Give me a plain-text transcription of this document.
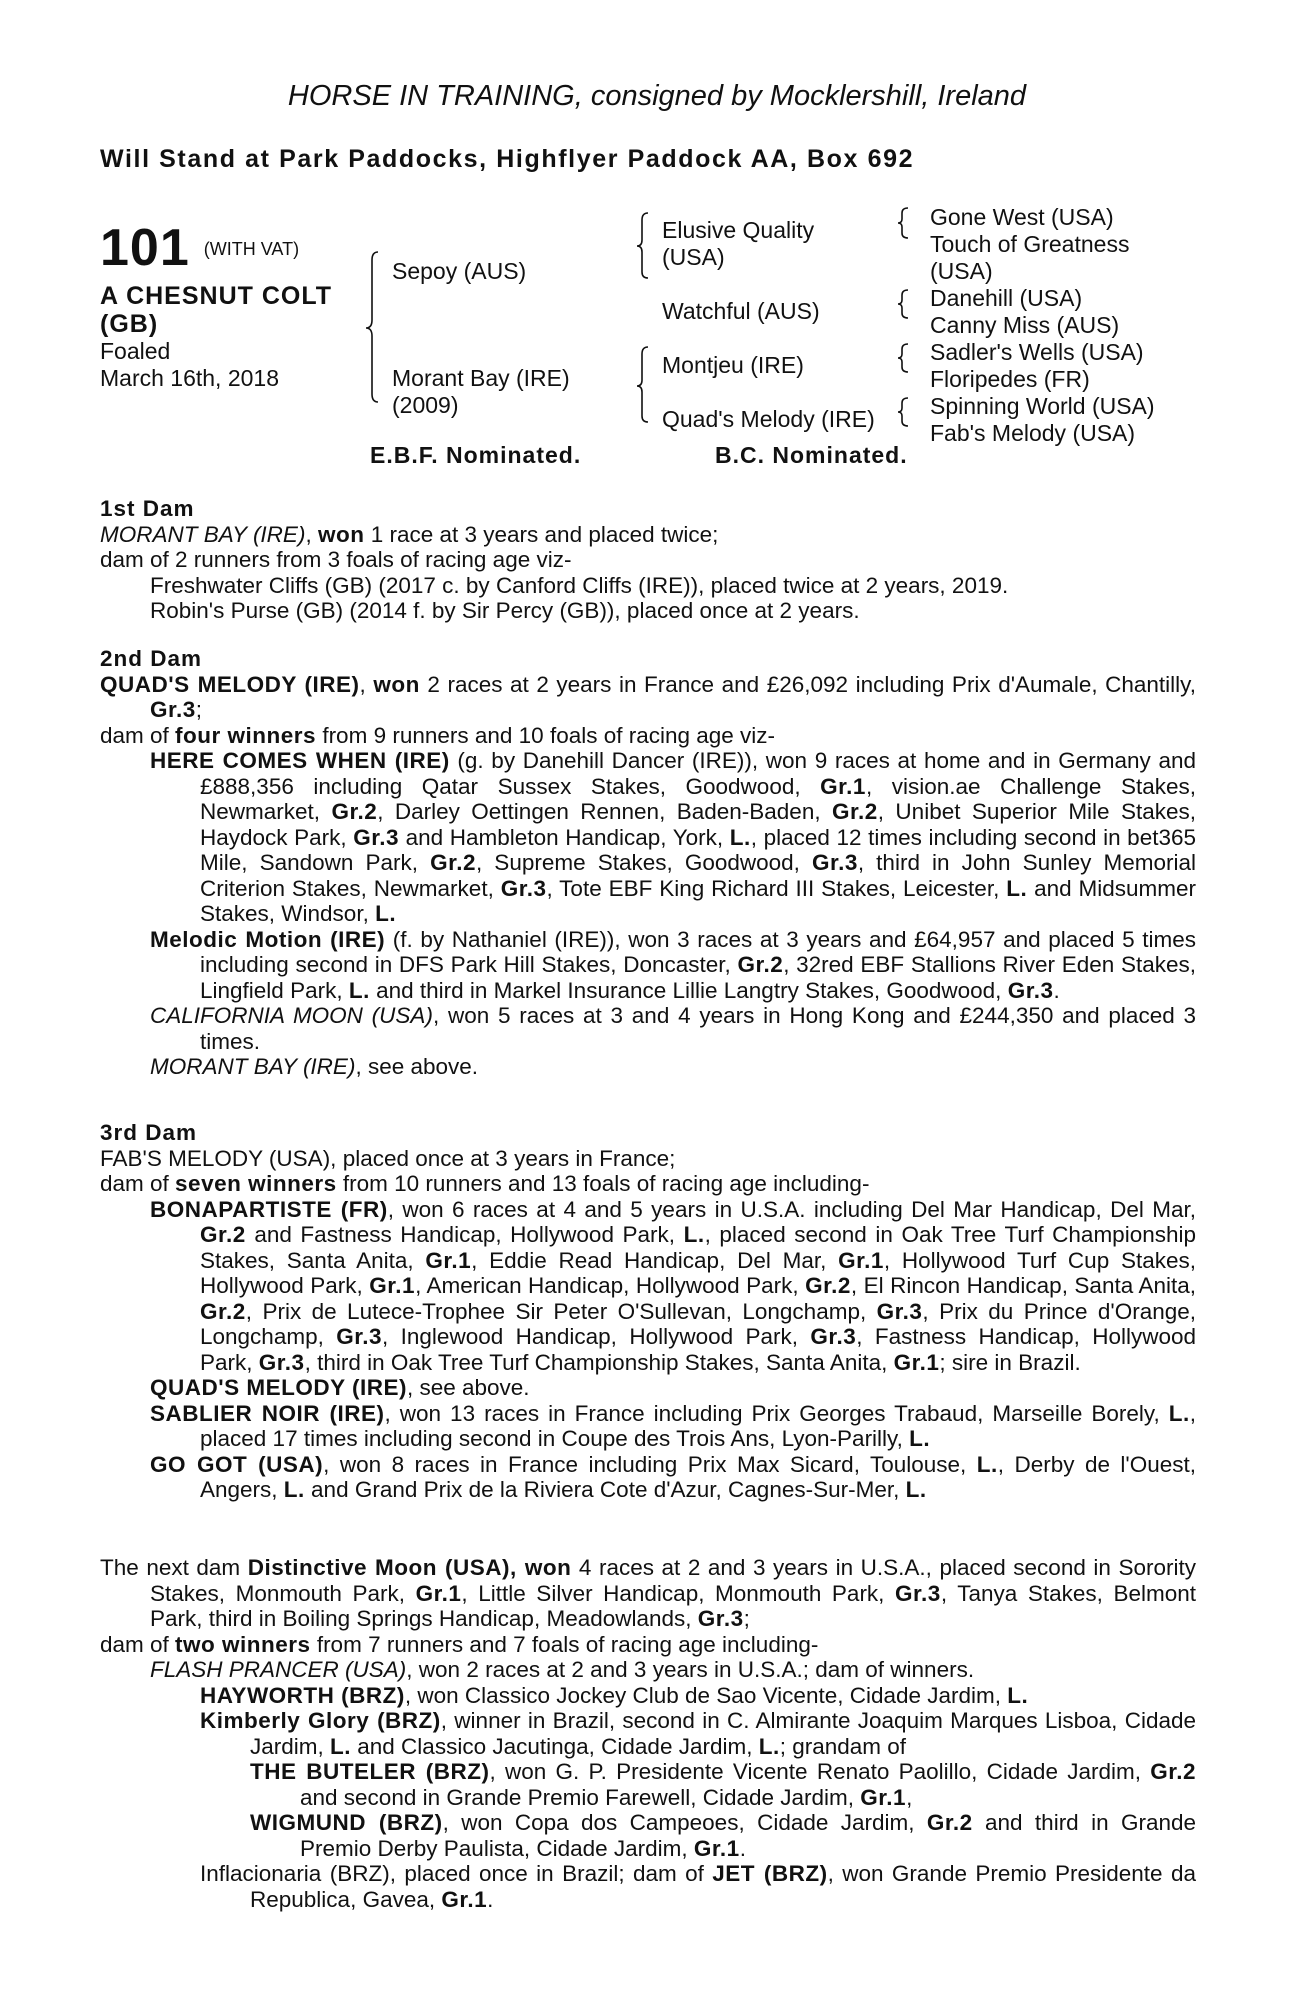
HORSE IN TRAINING, consigned by Mocklershill, Ireland
Will Stand at Park Paddocks, Highflyer Paddock AA, Box 692
101 (WITH VAT)
A CHESNUT COLT
(GB)
Foaled
March 16th, 2018
Sepoy (AUS)
Morant Bay (IRE)
(2009)
Elusive Quality
(USA)
Watchful (AUS)
Montjeu (IRE)
Quad's Melody (IRE)
Gone West (USA)
Touch of Greatness
(USA)
Danehill (USA)
Canny Miss (AUS)
Sadler's Wells (USA)
Floripedes (FR)
Spinning World (USA)
Fab's Melody (USA)
E.B.F. Nominated.	B.C. Nominated.

1st Dam

MORANT BAY (IRE), won 1 race at 3 years and placed twice;

dam of 2 runners from 3 foals of racing age viz-

Freshwater Cliffs (GB) (2017 c. by Canford Cliffs (IRE)), placed twice at 2 years, 2019.

Robin's Purse (GB) (2014 f. by Sir Percy (GB)), placed once at 2 years.

2nd Dam

QUAD'S MELODY (IRE), won 2 races at 2 years in France and £26,092 including Prix d'Aumale, Chantilly, Gr.3;

dam of four winners from 9 runners and 10 foals of racing age viz-

HERE COMES WHEN (IRE) (g. by Danehill Dancer (IRE)), won 9 races at home and in Germany and £888,356 including Qatar Sussex Stakes, Goodwood, Gr.1, vision.ae Challenge Stakes, Newmarket, Gr.2, Darley Oettingen Rennen, Baden-Baden, Gr.2, Unibet Superior Mile Stakes, Haydock Park, Gr.3 and Hambleton Handicap, York, L., placed 12 times including second in bet365 Mile, Sandown Park, Gr.2, Supreme Stakes, Goodwood, Gr.3, third in John Sunley Memorial Criterion Stakes, Newmarket, Gr.3, Tote EBF King Richard III Stakes, Leicester, L. and Midsummer Stakes, Windsor, L.

Melodic Motion (IRE) (f. by Nathaniel (IRE)), won 3 races at 3 years and £64,957 and placed 5 times including second in DFS Park Hill Stakes, Doncaster, Gr.2, 32red EBF Stallions River Eden Stakes, Lingfield Park, L. and third in Markel Insurance Lillie Langtry Stakes, Goodwood, Gr.3.

CALIFORNIA MOON (USA), won 5 races at 3 and 4 years in Hong Kong and £244,350 and placed 3 times.

MORANT BAY (IRE), see above.

3rd Dam

FAB'S MELODY (USA), placed once at 3 years in France;

dam of seven winners from 10 runners and 13 foals of racing age including-

BONAPARTISTE (FR), won 6 races at 4 and 5 years in U.S.A. including Del Mar Handicap, Del Mar, Gr.2 and Fastness Handicap, Hollywood Park, L., placed second in Oak Tree Turf Championship Stakes, Santa Anita, Gr.1, Eddie Read Handicap, Del Mar, Gr.1, Hollywood Turf Cup Stakes, Hollywood Park, Gr.1, American Handicap, Hollywood Park, Gr.2, El Rincon Handicap, Santa Anita, Gr.2, Prix de Lutece-Trophee Sir Peter O'Sullevan, Longchamp, Gr.3, Prix du Prince d'Orange, Longchamp, Gr.3, Inglewood Handicap, Hollywood Park, Gr.3, Fastness Handicap, Hollywood Park, Gr.3, third in Oak Tree Turf Championship Stakes, Santa Anita, Gr.1; sire in Brazil.

QUAD'S MELODY (IRE), see above.

SABLIER NOIR (IRE), won 13 races in France including Prix Georges Trabaud, Marseille Borely, L., placed 17 times including second in Coupe des Trois Ans, Lyon-Parilly, L.

GO GOT (USA), won 8 races in France including Prix Max Sicard, Toulouse, L., Derby de l'Ouest, Angers, L. and Grand Prix de la Riviera Cote d'Azur, Cagnes-Sur-Mer, L.

The next dam Distinctive Moon (USA), won 4 races at 2 and 3 years in U.S.A., placed second in Sorority Stakes, Monmouth Park, Gr.1, Little Silver Handicap, Monmouth Park, Gr.3, Tanya Stakes, Belmont Park, third in Boiling Springs Handicap, Meadowlands, Gr.3;

dam of two winners from 7 runners and 7 foals of racing age including-

FLASH PRANCER (USA), won 2 races at 2 and 3 years in U.S.A.; dam of winners.

HAYWORTH (BRZ), won Classico Jockey Club de Sao Vicente, Cidade Jardim, L.

Kimberly Glory (BRZ), winner in Brazil, second in C. Almirante Joaquim Marques Lisboa, Cidade Jardim, L. and Classico Jacutinga, Cidade Jardim, L.; grandam of

THE BUTELER (BRZ), won G. P. Presidente Vicente Renato Paolillo, Cidade Jardim, Gr.2 and second in Grande Premio Farewell, Cidade Jardim, Gr.1,

WIGMUND (BRZ), won Copa dos Campeoes, Cidade Jardim, Gr.2 and third in Grande Premio Derby Paulista, Cidade Jardim, Gr.1.

Inflacionaria (BRZ), placed once in Brazil; dam of JET (BRZ), won Grande Premio Presidente da Republica, Gavea, Gr.1.
